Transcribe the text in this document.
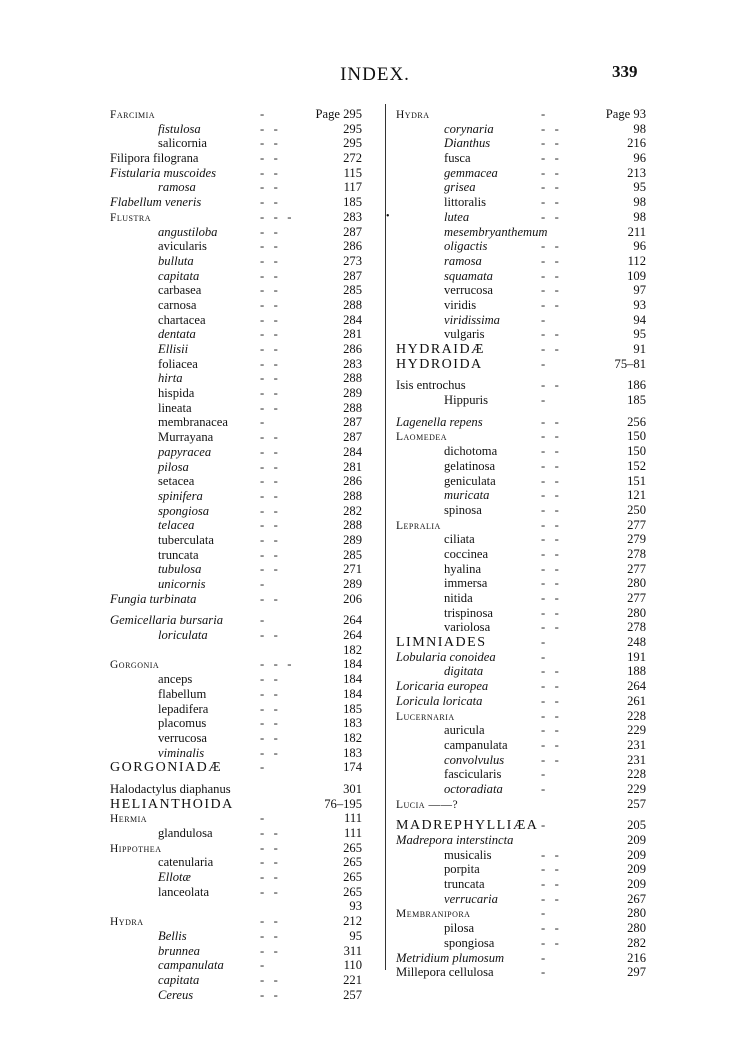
INDEX.	339
Farcimia	-	Page 295
fistulosa	-   -	295
salicornia	-   -	295
Filipora filograna	-   -	272
Fistularia muscoides	-   -	115
ramosa	-   -	117
Flabellum veneris	-   -	185
Flustra	-   -   -	283
angustiloba	-   -	287
avicularis	-   -	286
bulluta	-   -	273
capitata	-   -	287
carbasea	-   -	285
carnosa	-   -	288
chartacea	-   -	284
dentata	-   -	281
Ellisii	-   -	286
foliacea	-   -	283
hirta	-   -	288
hispida	-   -	289
lineata	-   -	288
membranacea	-	287
Murrayana	-   -	287
papyracea	-   -	284
pilosa	-   -	281
setacea	-   -	286
spinifera	-   -	288
spongiosa	-   -	282
telacea	-   -	288
tuberculata	-   -	289
truncata	-   -	285
tubulosa	-   -	271
unicornis	-	289
Fungia turbinata	-   -	206
Gemicellaria bursaria	-	264
loriculata	-   -	264
182
Gorgonia	-   -   -	184
anceps	-   -	184
flabellum	-   -	184
lepadifera	-   -	185
placomus	-   -	183
verrucosa	-   -	182
viminalis	-   -	183
GORGONIADÆ	-	174
Halodactylus diaphanus	301
HELIANTHOIDA	76–195
Hermia	-	111
glandulosa	-   -	111
Hippothea	-   -	265
catenularia	-   -	265
Ellotæ	-   -	265
lanceolata	-   -	265
93
Hydra	-   -	212
Bellis	-   -	95
brunnea	-   -	311
campanulata	-	110
capitata	-   -	221
Cereus	-   -	257
Hydra	-	Page 93
corynaria	-   -	98
Dianthus	-   -	216
fusca	-   -	96
gemmacea	-   -	213
grisea	-   -	95
littoralis	-   -	98
•	lutea	-   -	98
mesembryanthemum	211
oligactis	-   -	96
ramosa	-   -	112
squamata	-   -	109
verrucosa	-   -	97
viridis	-   -	93
viridissima	-	94
vulgaris	-   -	95
HYDRAIDÆ	-   -	91
HYDROIDA	-	75–81
Isis entrochus	-   -	186
Hippuris	-	185
Lagenella repens	-   -	256
Laomedea	-   -	150
dichotoma	-   -	150
gelatinosa	-   -	152
geniculata	-   -	151
muricata	-   -	121
spinosa	-   -	250
Lepralia	-   -	277
ciliata	-   -	279
coccinea	-   -	278
hyalina	-   -	277
immersa	-   -	280
nitida	-   -	277
trispinosa	-   -	280
variolosa	-   -	278
LIMNIADES	-	248
Lobularia conoidea	-	191
digitata	-   -	188
Loricaria europea	-   -	264
Loricula loricata	-   -	261
Lucernaria	-   -	228
auricula	-   -	229
campanulata	-   -	231
convolvulus	-   -	231
fascicularis	-	228
octoradiata	-	229
Lucia ——?	257
MADREPHYLLIÆA -	205
Madrepora interstincta	209
musicalis	-   -	209
porpita	-   -	209
truncata	-   -	209
verrucaria	-   -	267
Membranipora	-	280
pilosa	-   -	280
spongiosa	-   -	282
Metridium plumosum	-	216
Millepora cellulosa	-	297
